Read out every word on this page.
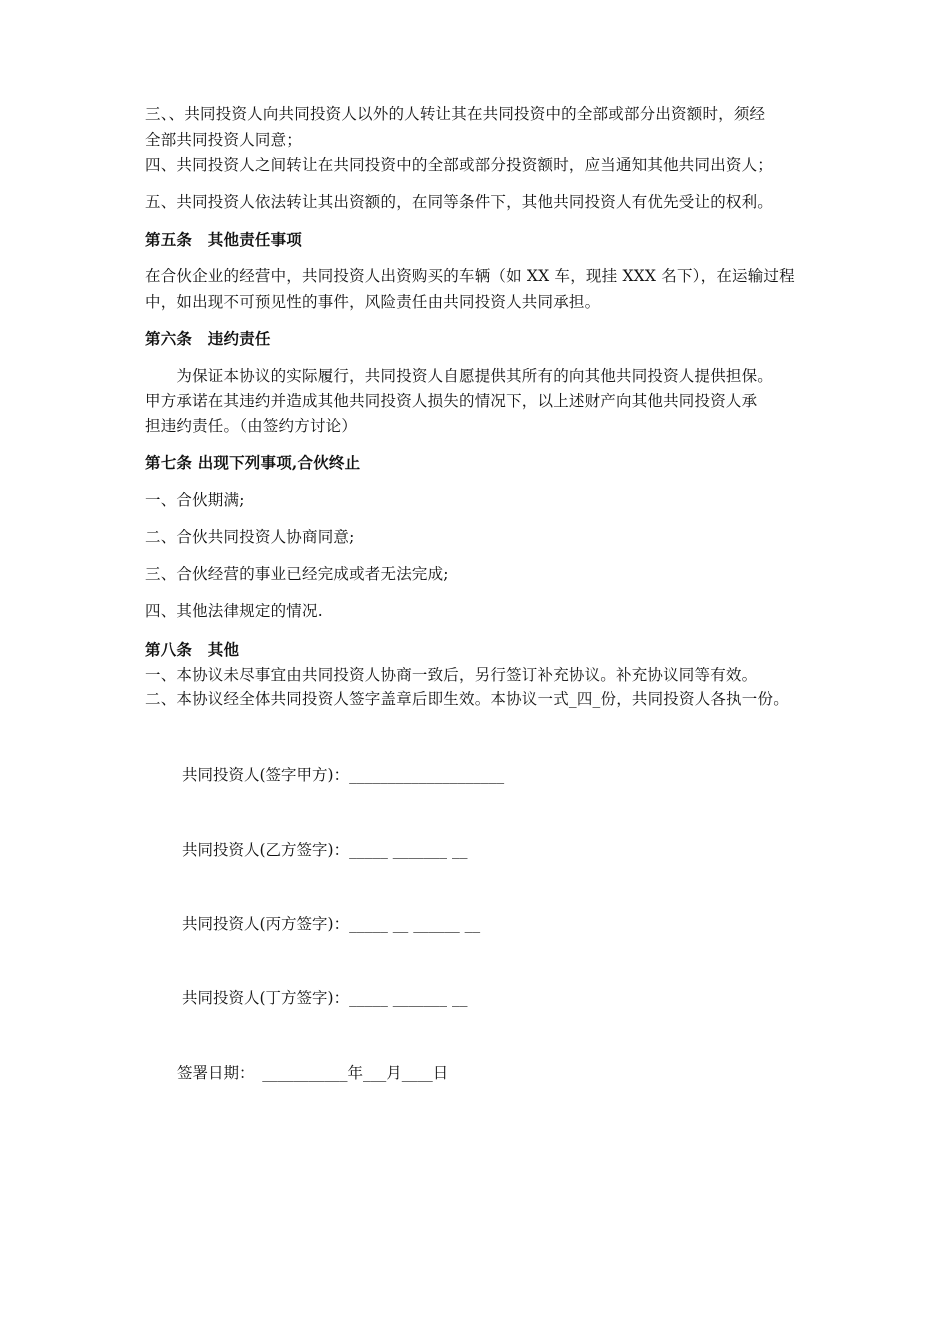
三、、共同投资人向共同投资人以外的人转让其在共同投资中的全部或部分出资额时，须经
全部共同投资人同意；
四、共同投资人之间转让在共同投资中的全部或部分投资额时，应当通知其他共同出资人；
五、共同投资人依法转让其出资额的，在同等条件下，其他共同投资人有优先受让的权利。
第五条　其他责任事项
在合伙企业的经营中，共同投资人出资购买的车辆（如 XX 车，现挂 XXX 名下），在运输过程
中，如出现不可预见性的事件，风险责任由共同投资人共同承担。
第六条　违约责任
　　为保证本协议的实际履行，共同投资人自愿提供其所有的向其他共同投资人提供担保。
甲方承诺在其违约并造成其他共同投资人损失的情况下，以上述财产向其他共同投资人承
担违约责任。（由签约方讨论）
第七条 出现下列事项,合伙终止
一、合伙期满;
二、合伙共同投资人协商同意;
三、合伙经营的事业已经完成或者无法完成;
四、其他法律规定的情况.
第八条　其他
一、本协议未尽事宜由共同投资人协商一致后，另行签订补充协议。补充协议同等有效。
二、本协议经全体共同投资人签字盖章后即生效。本协议一式_四_份，共同投资人各执一份。
共同投资人(签字甲方)：____________________
共同投资人(乙方签字)：_____ _______ __
共同投资人(丙方签字)：_____ __ ______ __
共同投资人(丁方签字)：_____ _______ __
签署日期：　___________年___月____日
